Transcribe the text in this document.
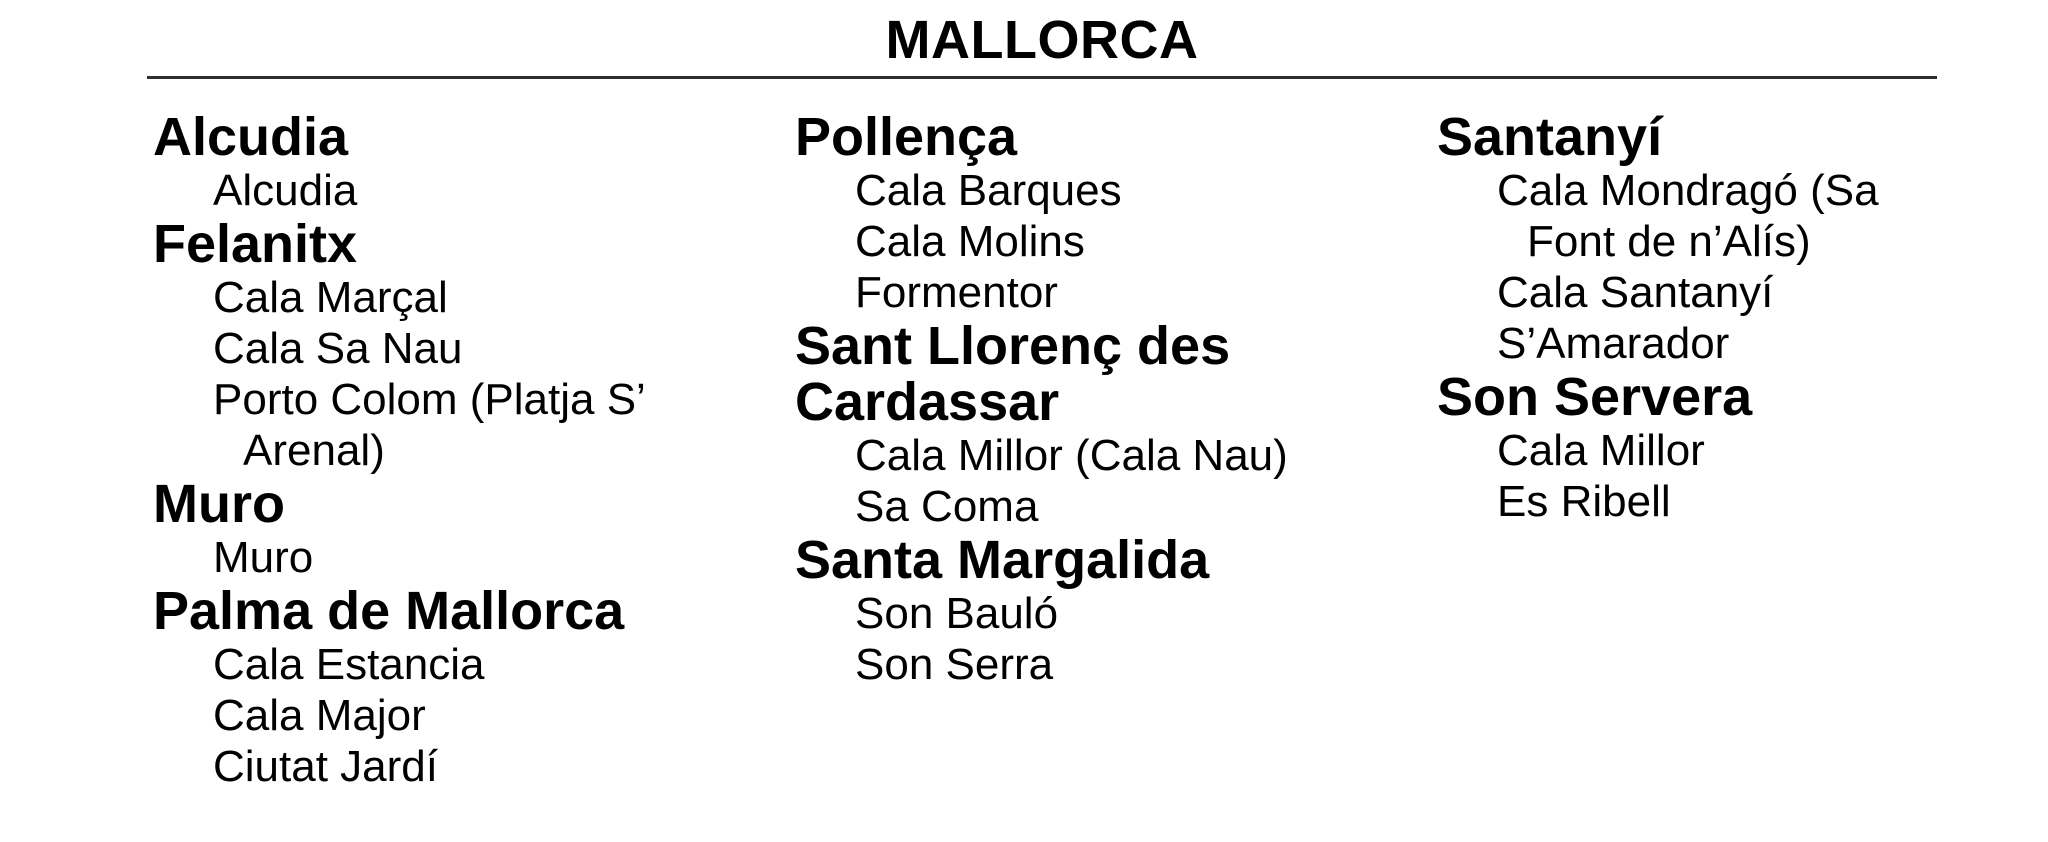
MALLORCA
Alcudia
Alcudia
Felanitx
Cala Marçal
Cala Sa Nau
Porto Colom (Platja S’ Arenal)
Muro
Muro
Palma de Mallorca
Cala Estancia
Cala Major
Ciutat Jardí
Pollença
Cala Barques
Cala Molins
Formentor
Sant Llorenç des Cardassar
Cala Millor (Cala Nau)
Sa Coma
Santa Margalida
Son Bauló
Son Serra
Santanyí
Cala Mondragó (Sa Font de n’Alís)
Cala Santanyí
S’Amarador
Son Servera
Cala Millor
Es Ribell
